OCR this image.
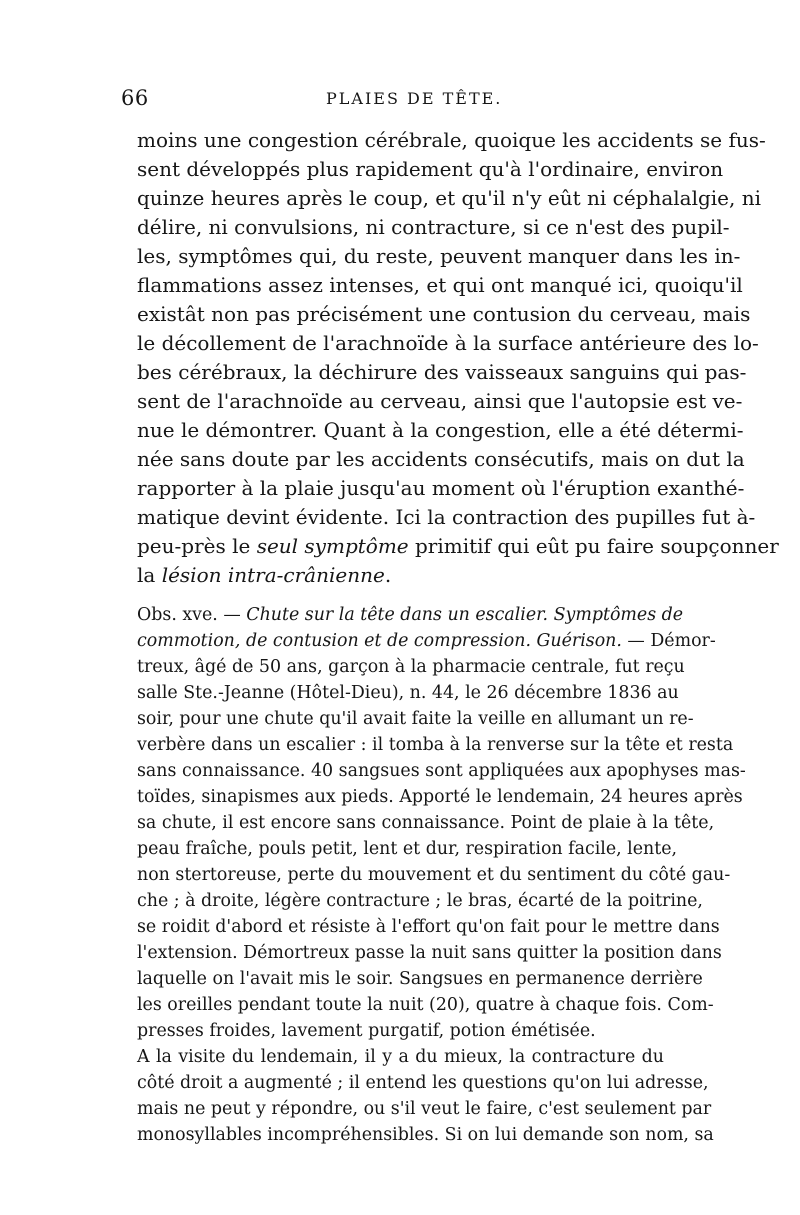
66	PLAIES DE TÊTE.
moins une congestion cérébrale, quoique les accidents se fus-
sent développés plus rapidement qu'à l'ordinaire, environ
quinze heures après le coup, et qu'il n'y eût ni céphalalgie, ni
délire, ni convulsions, ni contracture, si ce n'est des pupil-
les, symptômes qui, du reste, peuvent manquer dans les in-
flammations assez intenses, et qui ont manqué ici, quoiqu'il
existât non pas précisément une contusion du cerveau, mais
le décollement de l'arachnoïde à la surface antérieure des lo-
bes cérébraux, la déchirure des vaisseaux sanguins qui pas-
sent de l'arachnoïde au cerveau, ainsi que l'autopsie est ve-
nue le démontrer. Quant à la congestion, elle a été détermi-
née sans doute par les accidents consécutifs, mais on dut la
rapporter à la plaie jusqu'au moment où l'éruption exanthé-
matique devint évidente. Ici la contraction des pupilles fut à-
peu-près le seul symptôme primitif qui eût pu faire soupçonner
la lésion intra-crânienne.
Obs. xve. — Chute sur la tête dans un escalier. Symptômes de
commotion, de contusion et de compression. Guérison. — Démor-
treux, âgé de 50 ans, garçon à la pharmacie centrale, fut reçu
salle Ste.-Jeanne (Hôtel-Dieu), n. 44, le 26 décembre 1836 au
soir, pour une chute qu'il avait faite la veille en allumant un re-
verbère dans un escalier : il tomba à la renverse sur la tête et resta
sans connaissance. 40 sangsues sont appliquées aux apophyses mas-
toïdes, sinapismes aux pieds. Apporté le lendemain, 24 heures après
sa chute, il est encore sans connaissance. Point de plaie à la tête,
peau fraîche, pouls petit, lent et dur, respiration facile, lente,
non stertoreuse, perte du mouvement et du sentiment du côté gau-
che ; à droite, légère contracture ; le bras, écarté de la poitrine,
se roidit d'abord et résiste à l'effort qu'on fait pour le mettre dans
l'extension. Démortreux passe la nuit sans quitter la position dans
laquelle on l'avait mis le soir. Sangsues en permanence derrière
les oreilles pendant toute la nuit (20), quatre à chaque fois. Com-
presses froides, lavement purgatif, potion émétisée.
A la visite du lendemain, il y a du mieux, la contracture du
côté droit a augmenté ; il entend les questions qu'on lui adresse,
mais ne peut y répondre, ou s'il veut le faire, c'est seulement par
monosyllables incompréhensibles. Si on lui demande son nom, sa
